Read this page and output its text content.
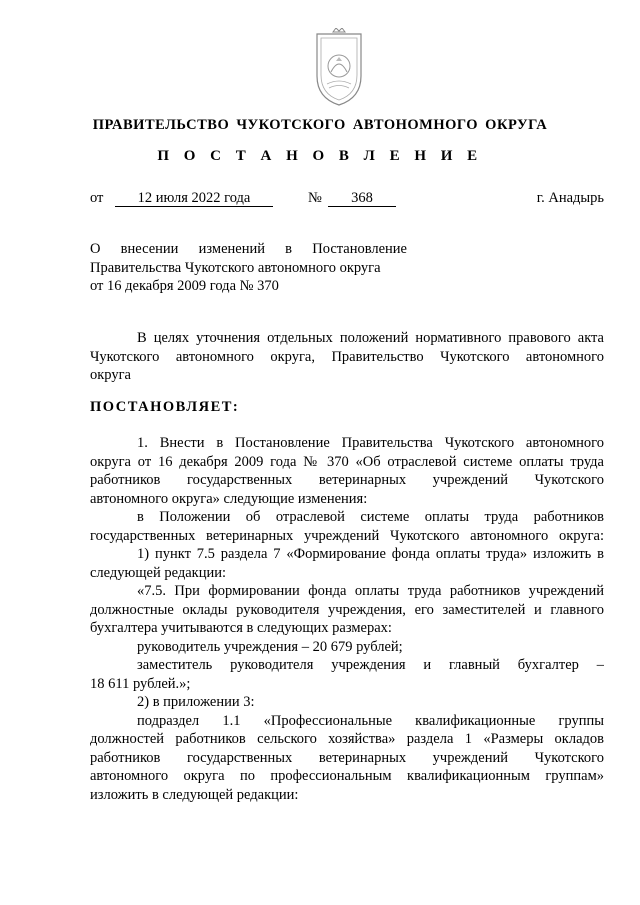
ПРАВИТЕЛЬСТВО ЧУКОТСКОГО АВТОНОМНОГО ОКРУГА
П О С Т А Н О В Л Е Н И Е
от	12 июля 2022 года	№	368	г. Анадырь
О внесении изменений в Постановление
Правительства Чукотского автономного округа
от 16 декабря 2009 года № 370
В целях уточнения отдельных положений нормативного правового акта
Чукотского автономного округа, Правительство Чукотского автономного
округа
ПОСТАНОВЛЯЕТ:
1. Внести в Постановление Правительства Чукотского автономного
округа от 16 декабря 2009 года № 370 «Об отраслевой системе оплаты труда
работников государственных ветеринарных учреждений Чукотского
автономного округа» следующие изменения:
в Положении об отраслевой системе оплаты труда работников
государственных ветеринарных учреждений Чукотского автономного округа:
1) пункт 7.5 раздела 7 «Формирование фонда оплаты труда» изложить в
следующей редакции:
«7.5. При формировании фонда оплаты труда работников учреждений
должностные оклады руководителя учреждения, его заместителей и главного
бухгалтера учитываются в следующих размерах:
руководитель учреждения – 20 679 рублей;
заместитель руководителя учреждения и главный бухгалтер –
18 611 рублей.»;
2) в приложении 3:
подраздел 1.1 «Профессиональные квалификационные группы
должностей работников сельского хозяйства» раздела 1 «Размеры окладов
работников государственных ветеринарных учреждений Чукотского
автономного округа по профессиональным квалификационным группам»
изложить в следующей редакции:
